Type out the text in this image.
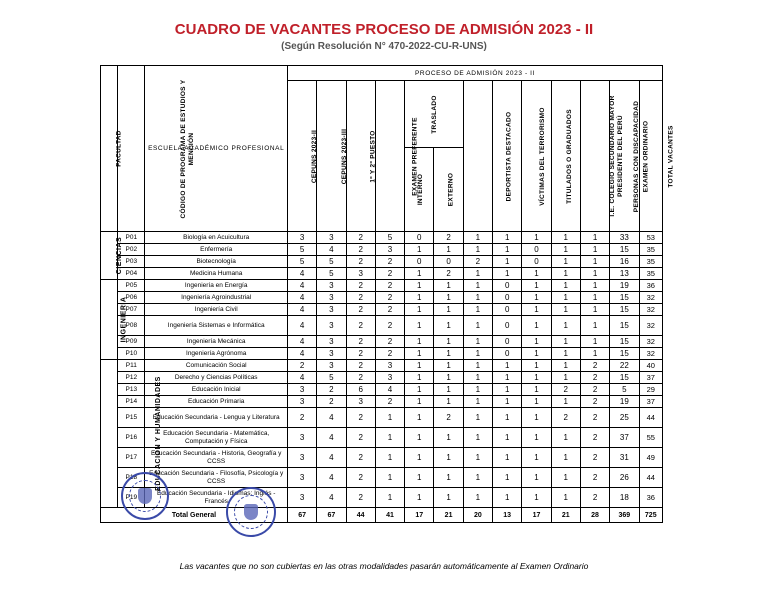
CUADRO DE VACANTES PROCESO DE ADMISIÓN 2023 - II
(Según Resolución N° 470-2022-CU-R-UNS)
FACULTAD	CÓDIGO DE PROGRAMA DE ESTUDIOS Y MENCIÓN	ESCUELA ACADÉMICO PROFESIONAL	PROCESO DE ADMISIÓN 2023 - II												
			CEPUNS 2023-II	CEPUNS 2023-III	1º Y 2º PUESTO	EXAMEN PREFERENTE	TRASLADO		DEPORTISTA DESTACADO	VÍCTIMAS DEL TERRORISMO	TITULADOS O GRADUADOS	I.E. COLEGIO SECUNDARIO MAYOR PRESIDENTE DEL PERÚ	PERSONAS CON DISCAPACIDAD	EXAMEN ORDINARIO	TOTAL VACANTES
							INTERNO	EXTERNO							
CIENCIAS	P01	Biología en Acuicultura	3	3	2	5	0	2	1	1	1	1	1	33	53
	P02	Enfermería	5	4	2	3	1	1	1	1	0	1	1	15	35
	P03	Biotecnología	5	5	2	2	0	0	2	1	0	1	1	16	35
	P04	Medicina Humana	4	5	3	2	1	2	1	1	1	1	1	13	35
INGENIERIA	P05	Ingeniería en Energía	4	3	2	2	1	1	1	0	1	1	1	19	36
	P06	Ingeniería Agroindustrial	4	3	2	2	1	1	1	0	1	1	1	15	32
	P07	Ingeniería Civil	4	3	2	2	1	1	1	0	1	1	1	15	32
	P08	Ingeniería Sistemas e Informática	4	3	2	2	1	1	1	0	1	1	1	15	32
	P09	Ingeniería Mecánica	4	3	2	2	1	1	1	0	1	1	1	15	32
	P10	Ingeniería Agrónoma	4	3	2	2	1	1	1	0	1	1	1	15	32
EDUCACIÓN Y HUMANIDADES	P11	Comunicación Social	2	3	2	3	1	1	1	1	1	1	2	22	40
	P12	Derecho y Ciencias Políticas	4	5	2	3	1	1	1	1	1	1	2	15	37
	P13	Educación Inicial	3	2	6	4	1	1	1	1	1	2	2	5	29
	P14	Educación Primaria	3	2	3	2	1	1	1	1	1	1	2	19	37
	P15	Educación Secundaria - Lengua y Literatura	2	4	2	1	1	2	1	1	1	2	2	25	44
	P16	Educación Secundaria - Matemática, Computación y Física	3	4	2	1	1	1	1	1	1	1	2	37	55
	P17	Educación Secundaria - Historia, Geografía y CCSS	3	4	2	1	1	1	1	1	1	1	2	31	49
	P18	Educación Secundaria - Filosofía, Psicología y CCSS	3	4	2	1	1	1	1	1	1	1	2	26	44
	P19	Educación Secundaria - Idiomas: Inglés - Francés	3	4	2	1	1	1	1	1	1	1	2	18	36
Total General			67	67	44	41	17	21	20	13	17	21	28	369	725
Las vacantes que no son cubiertas en las otras modalidades pasarán automáticamente al Examen Ordinario
